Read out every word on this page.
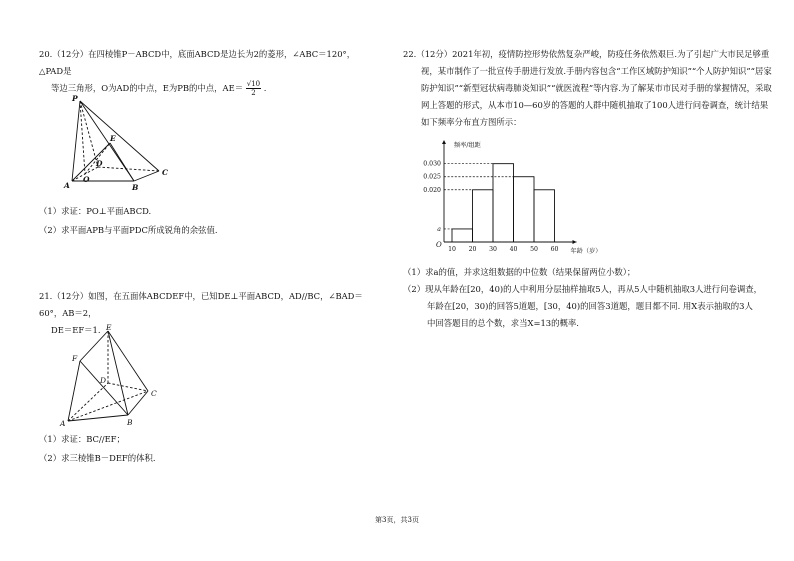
20.（12分）在四棱锥P－ABCD中，底面ABCD是边长为2的菱形，∠ABC＝120°，△PAD是

等边三角形，O为AD的中点，E为PB的中点，$AE= \frac{√10}{2}$ .

P
E
D
O
A	B
C

（1）求证：PO⊥平面ABCD.

（2）求平面APB与平面PDC所成锐角的余弦值.

21.（12分）如图，在五面体ABCDEF中，已知DE⊥平面ABCD，AD//BC，∠BAD＝60°，AB＝2，

DE＝EF＝1. E
F
D
C
A	B

（1）求证：BC//EF；

（2）求三棱锥B－DEF的体积.

22.（12分）2021年初，疫情防控形势依然复杂严峻，防疫任务依然艰巨.为了引起广大市民足够重

视，某市制作了一批宣传手册进行发放.手册内容包含“工作区域防护知识”“个人防护知识”“居家

防护知识”“新型冠状病毒肺炎知识”“就医流程”等内容.为了解某市市民对手册的掌握情况，采取

网上答题的形式，从本市10—60岁的答题的人群中随机抽取了100人进行问卷调查，统计结果

如下频率分布直方图所示：

a
0.020
0.025
0.030
10 20 30 40 50 60
O
频率/组距
年龄（岁）

（1）求a的值，并求这组数据的中位数（结果保留两位小数）；

（2）现从年龄在[20，40)的人中利用分层抽样抽取5人，再从5人中随机抽取3人进行问卷调查，

年龄在[20，30)的回答5道题，[30，40)的回答3道题，题目都不同. 用X表示抽取的3人

中回答题目的总个数，求当X=13的概率.

第3页，共3页
